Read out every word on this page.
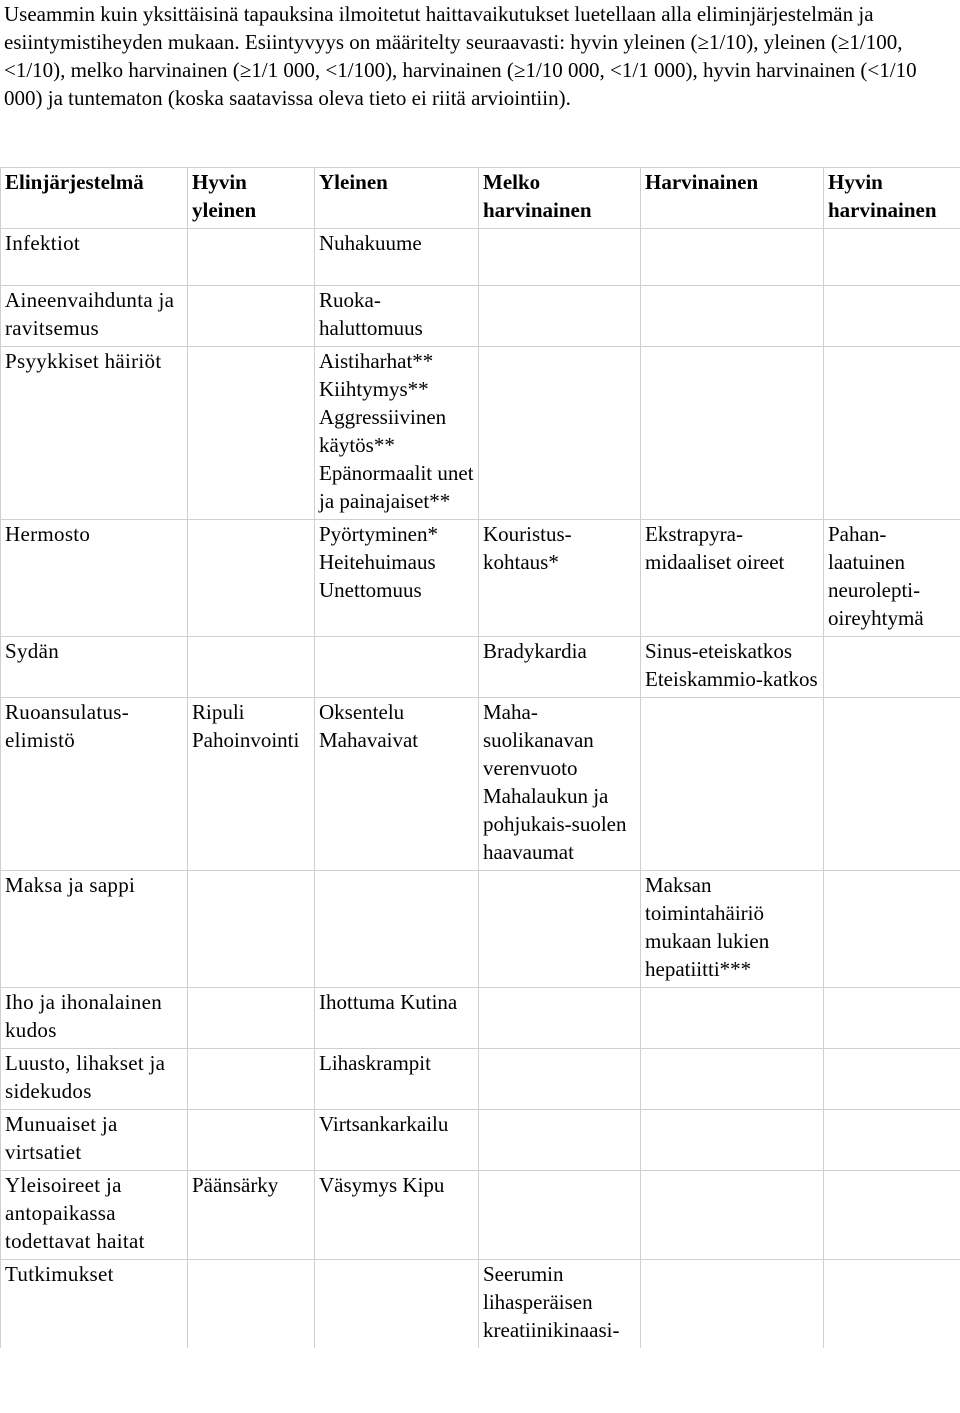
Useammin kuin yksittäisinä tapauksina ilmoitetut haittavaikutukset luetellaan alla eliminjärjestelmän ja esiintymistiheyden mukaan. Esiintyvyys on määritelty seuraavasti: hyvin yleinen (≥1/10), yleinen (≥1/100, <1/10), melko harvinainen (≥1/1 000, <1/100), harvinainen (≥1/10 000, <1/1 000), hyvin harvinainen (<1/10 000) ja tuntematon (koska saatavissa oleva tieto ei riitä arviointiin).

Elinjärjestelmä	Hyvin yleinen	Yleinen	Melko harvinainen	Harvinainen	Hyvin harvinainen
Infektiot		Nuhakuume			
Aineenvaihdunta ja ravitsemus		Ruoka-haluttomuus			
Psyykkiset häiriöt		Aistiharhat** Kiihtymys** Aggressiivinen käytös** Epänormaalit unet ja painajaiset**			
Hermosto		Pyörtyminen* Heitehuimaus Unettomuus	Kouristus-kohtaus*	Ekstrapyra-midaaliset oireet	Pahan-laatuinen neurolepti-oireyhtymä
Sydän			Bradykardia	Sinus-eteiskatkos Eteiskammio-katkos	
Ruoansulatus-elimistö	Ripuli Pahoinvointi	Oksentelu Mahavaivat	Maha-suolikanavan verenvuoto Mahalaukun ja pohjukais-suolen haavaumat		
Maksa ja sappi				Maksan toimintahäiriö mukaan lukien hepatiitti***	
Iho ja ihonalainen kudos		Ihottuma Kutina			
Luusto, lihakset ja sidekudos		Lihaskrampit			
Munuaiset ja virtsatiet		Virtsankarkailu			
Yleisoireet ja antopaikassa todettavat haitat	Päänsärky	Väsymys Kipu			
Tutkimukset			Seerumin lihasperäisen kreatiinikinaasi-		
